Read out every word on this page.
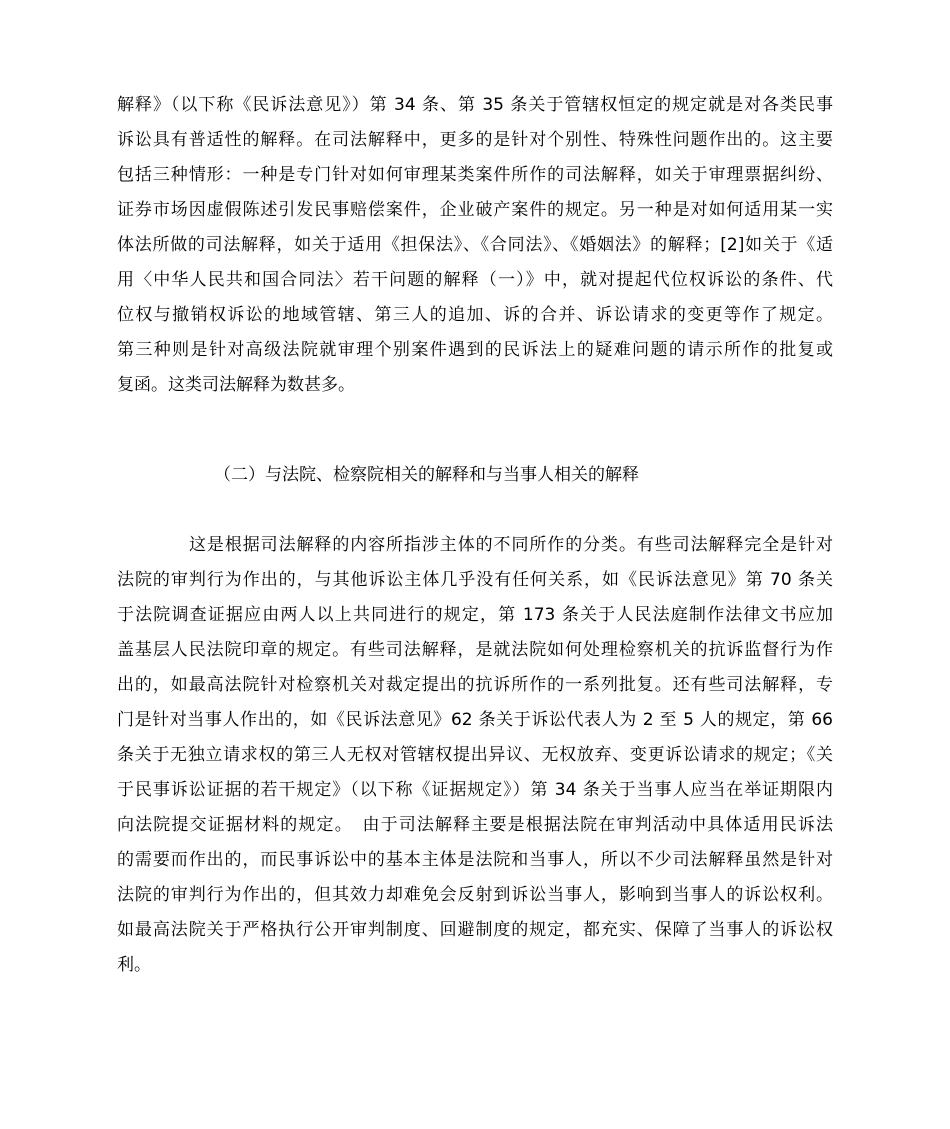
解释》（以下称《民诉法意见》）第 34 条、第 35 条关于管辖权恒定的规定就是对各类民事
诉讼具有普适性的解释。在司法解释中，更多的是针对个别性、特殊性问题作出的。这主要
包括三种情形：一种是专门针对如何审理某类案件所作的司法解释，如关于审理票据纠纷、
证券市场因虚假陈述引发民事赔偿案件，企业破产案件的规定。另一种是对如何适用某一实
体法所做的司法解释，如关于适用《担保法》、《合同法》、《婚姻法》的解释；[2]如关于《适
用〈中华人民共和国合同法〉若干问题的解释（一）》中，就对提起代位权诉讼的条件、代
位权与撤销权诉讼的地域管辖、第三人的追加、诉的合并、诉讼请求的变更等作了规定。
第三种则是针对高级法院就审理个别案件遇到的民诉法上的疑难问题的请示所作的批复或
复函。这类司法解释为数甚多。
（二）与法院、检察院相关的解释和与当事人相关的解释
这是根据司法解释的内容所指涉主体的不同所作的分类。有些司法解释完全是针对
法院的审判行为作出的，与其他诉讼主体几乎没有任何关系，如《民诉法意见》第 70 条关
于法院调查证据应由两人以上共同进行的规定，第 173 条关于人民法庭制作法律文书应加
盖基层人民法院印章的规定。有些司法解释，是就法院如何处理检察机关的抗诉监督行为作
出的，如最高法院针对检察机关对裁定提出的抗诉所作的一系列批复。还有些司法解释，专
门是针对当事人作出的，如《民诉法意见》62 条关于诉讼代表人为 2 至 5 人的规定，第 66
条关于无独立请求权的第三人无权对管辖权提出异议、无权放弃、变更诉讼请求的规定；《关
于民事诉讼证据的若干规定》（以下称《证据规定》）第 34 条关于当事人应当在举证期限内
向法院提交证据材料的规定。　由于司法解释主要是根据法院在审判活动中具体适用民诉法
的需要而作出的，而民事诉讼中的基本主体是法院和当事人，所以不少司法解释虽然是针对
法院的审判行为作出的，但其效力却难免会反射到诉讼当事人，影响到当事人的诉讼权利。
如最高法院关于严格执行公开审判制度、回避制度的规定，都充实、保障了当事人的诉讼权
利。
